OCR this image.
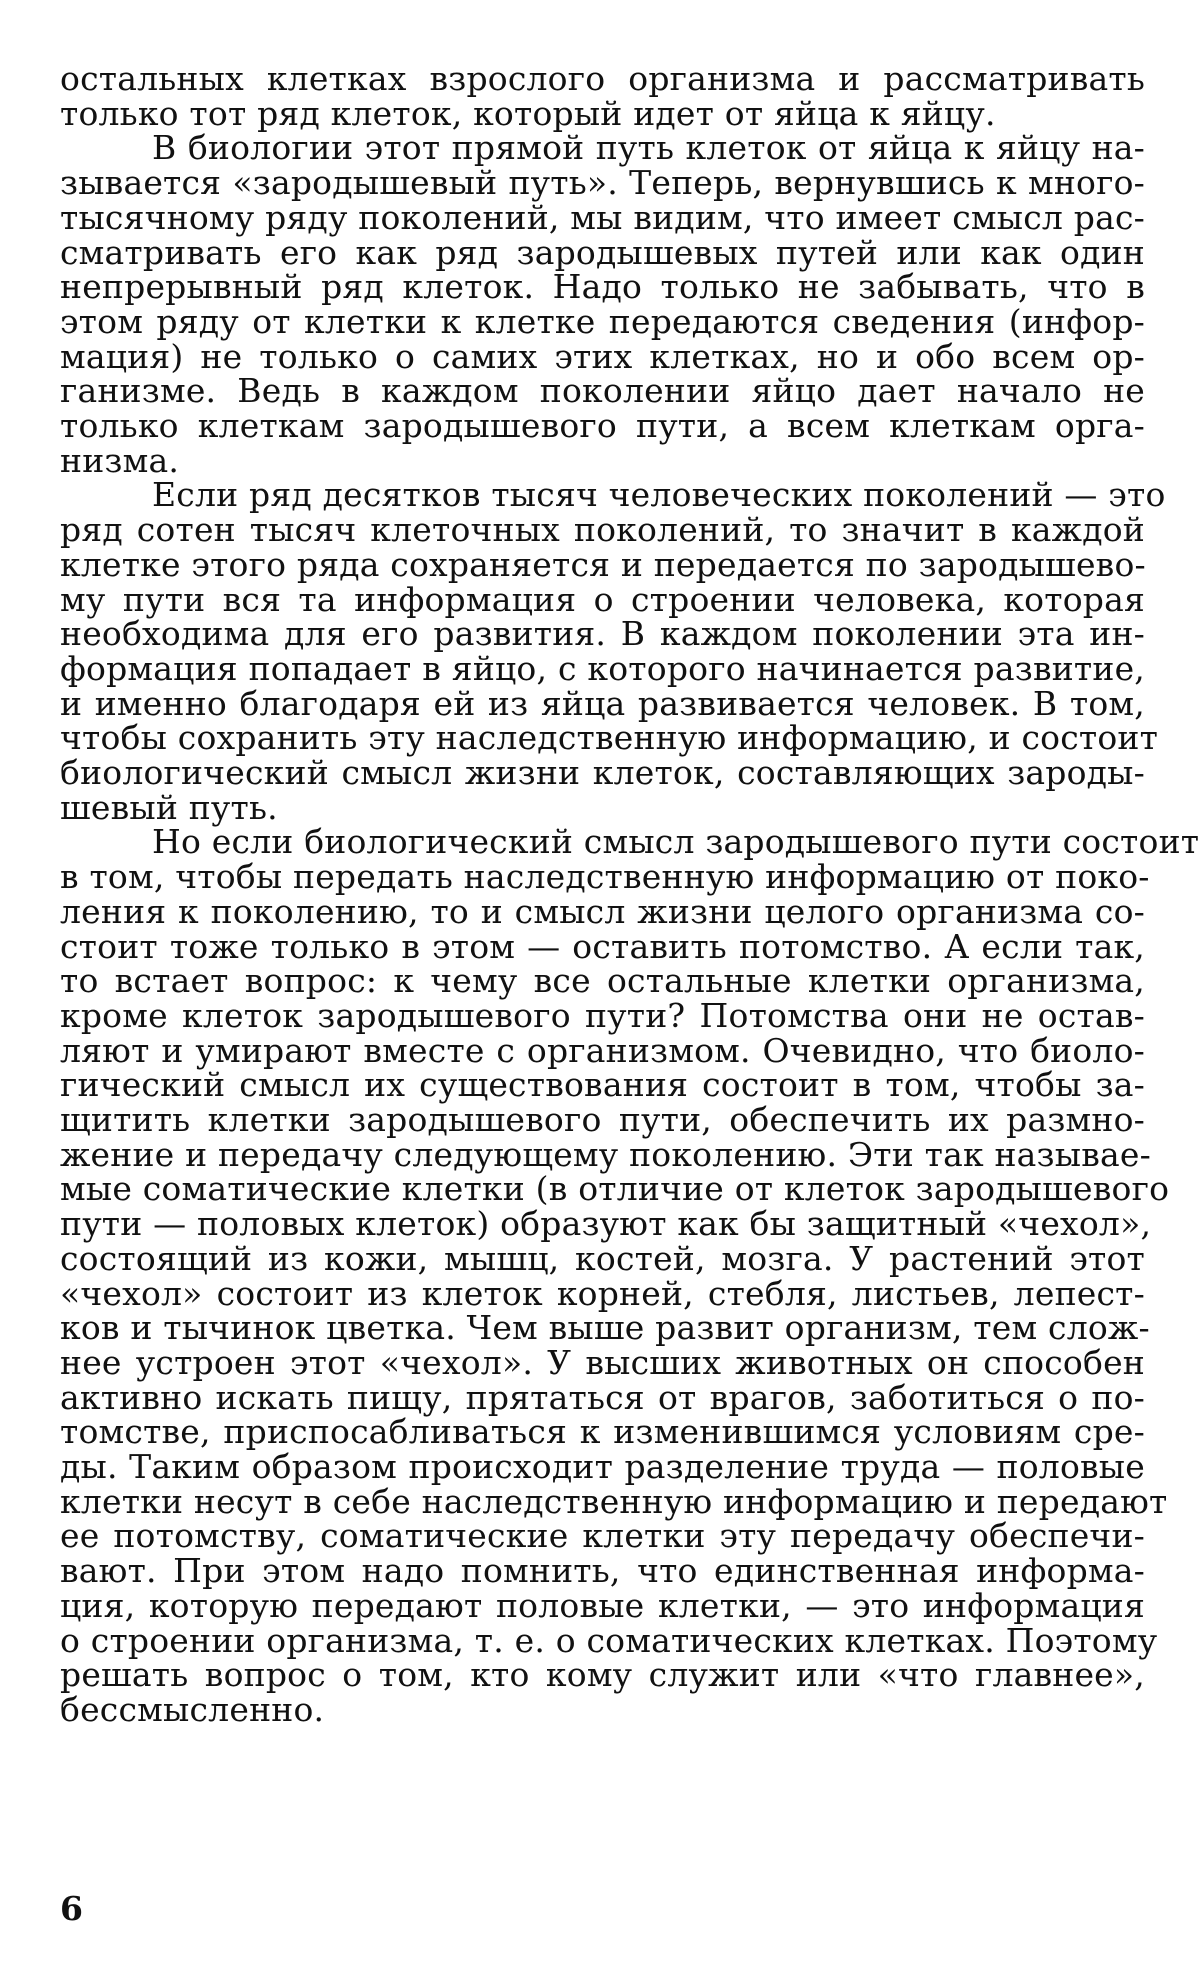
остальных клетках взрослого организма и рассматривать
только тот ряд клеток, который идет от яйца к яйцу.
В биологии этот прямой путь клеток от яйца к яйцу на-
зывается «зародышевый путь». Теперь, вернувшись к много-
тысячному ряду поколений, мы видим, что имеет смысл рас-
сматривать его как ряд зародышевых путей или как один
непрерывный ряд клеток. Надо только не забывать, что в
этом ряду от клетки к клетке передаются сведения (инфор-
мация) не только о самих этих клетках, но и обо всем ор-
ганизме. Ведь в каждом поколении яйцо дает начало не
только клеткам зародышевого пути, а всем клеткам орга-
низма.
Если ряд десятков тысяч человеческих поколений — это
ряд сотен тысяч клеточных поколений, то значит в каждой
клетке этого ряда сохраняется и передается по зародышево-
му пути вся та информация о строении человека, которая
необходима для его развития. В каждом поколении эта ин-
формация попадает в яйцо, с которого начинается развитие,
и именно благодаря ей из яйца развивается человек. В том,
чтобы сохранить эту наследственную информацию, и состоит
биологический смысл жизни клеток, составляющих зароды-
шевый путь.
Но если биологический смысл зародышевого пути состоит
в том, чтобы передать наследственную информацию от поко-
ления к поколению, то и смысл жизни целого организма со-
стоит тоже только в этом — оставить потомство. А если так,
то встает вопрос: к чему все остальные клетки организма,
кроме клеток зародышевого пути? Потомства они не остав-
ляют и умирают вместе с организмом. Очевидно, что биоло-
гический смысл их существования состоит в том, чтобы за-
щитить клетки зародышевого пути, обеспечить их размно-
жение и передачу следующему поколению. Эти так называе-
мые соматические клетки (в отличие от клеток зародышевого
пути — половых клеток) образуют как бы защитный «чехол»,
состоящий из кожи, мышц, костей, мозга. У растений этот
«чехол» состоит из клеток корней, стебля, листьев, лепест-
ков и тычинок цветка. Чем выше развит организм, тем слож-
нее устроен этот «чехол». У высших животных он способен
активно искать пищу, прятаться от врагов, заботиться о по-
томстве, приспосабливаться к изменившимся условиям сре-
ды. Таким образом происходит разделение труда — половые
клетки несут в себе наследственную информацию и передают
ее потомству, соматические клетки эту передачу обеспечи-
вают. При этом надо помнить, что единственная информа-
ция, которую передают половые клетки, — это информация
о строении организма, т. е. о соматических клетках. Поэтому
решать вопрос о том, кто кому служит или «что главнее»,
бессмысленно.
6
